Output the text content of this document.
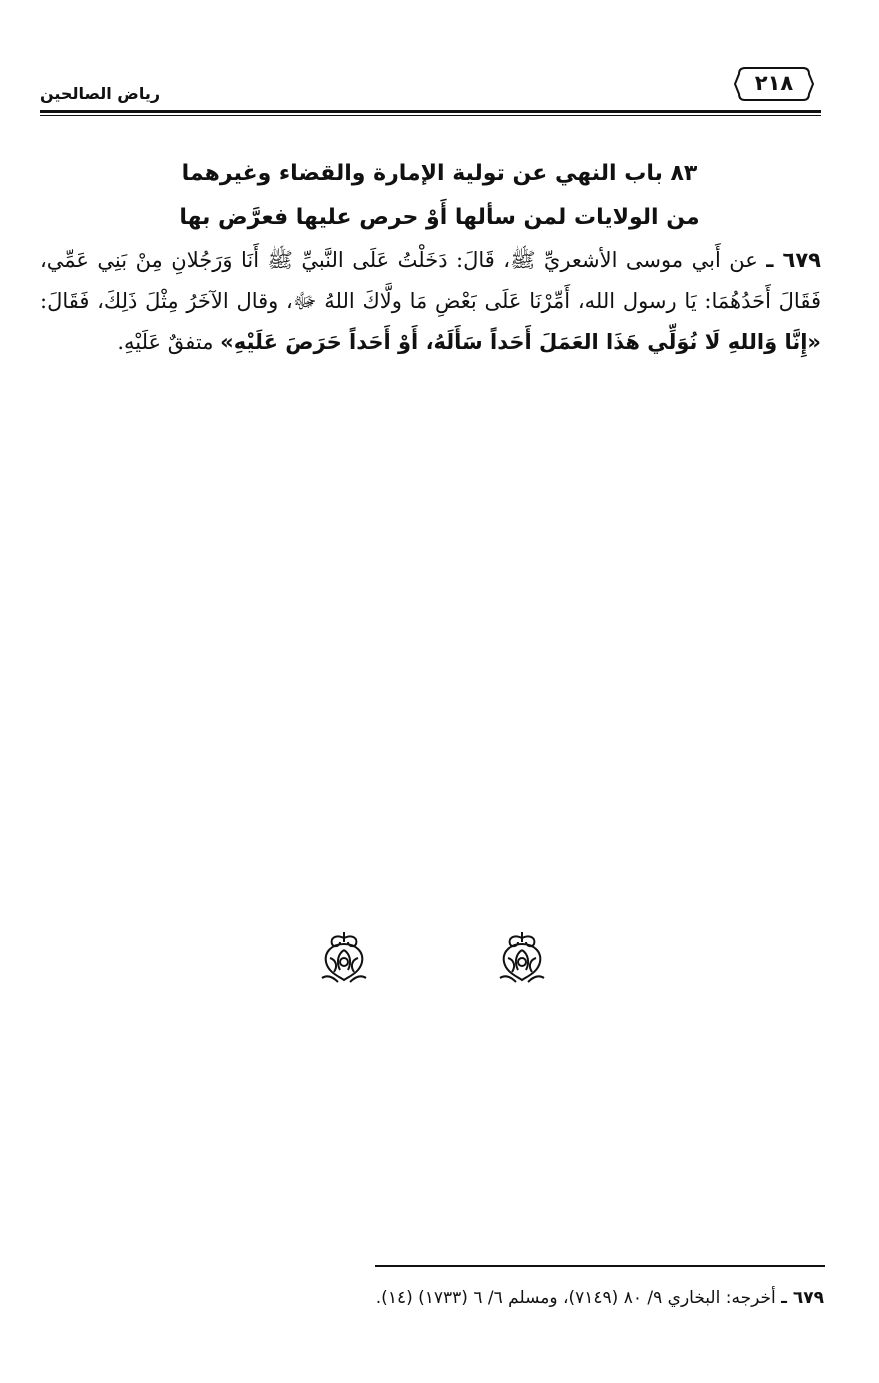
٢١٨
رياض الصالحين
٨٣ باب النهي عن تولية الإمارة والقضاء وغيرهما
من الولايات لمن سألها أَوْ حرص عليها فعرَّض بها
٦٧٩ ـ عن أَبي موسى الأشعريِّ ﷺ، قَالَ: دَخَلْتُ عَلَى النَّبيِّ ﷺ أَنَا وَرَجُلانِ مِنْ بَنِي عَمِّي، فَقَالَ أَحَدُهُمَا: يَا رسول الله، أَمِّرْنَا عَلَى بَعْضِ مَا ولَّاكَ اللهُ ﷻ، وقال الآخَرُ مِثْلَ ذَلِكَ، فَقَالَ: «إِنَّا وَاللهِ لَا نُوَلِّي هَذَا العَمَلَ أَحَداً سَأَلَهُ، أَوْ أَحَداً حَرَصَ عَلَيْهِ» متفقٌ عَلَيْهِ.
٦٧٩ ـ أخرجه: البخاري ٩/ ٨٠ (٧١٤٩)، ومسلم ٦/ ٦ (١٧٣٣) (١٤).
